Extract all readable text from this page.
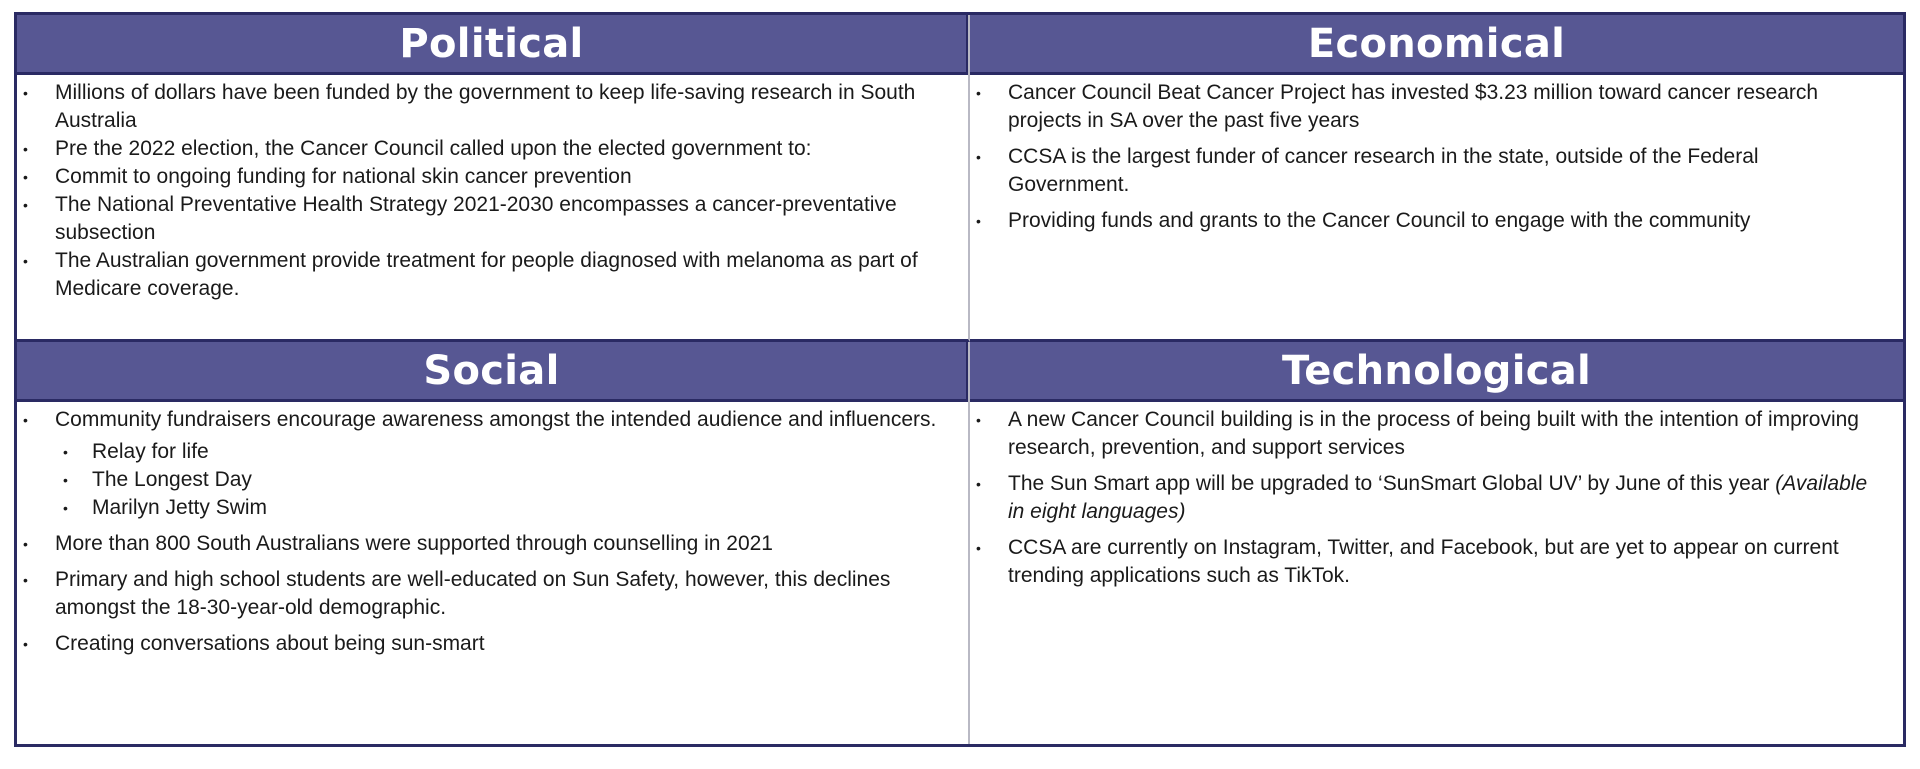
Political
• Millions of dollars have been funded by the government to keep life-saving research in South Australia
• Pre the 2022 election, the Cancer Council called upon the elected government to:
• Commit to ongoing funding for national skin cancer prevention
• The National Preventative Health Strategy 2021-2030 encompasses a cancer-preventative subsection
• The Australian government provide treatment for people diagnosed with melanoma as part of Medicare coverage.
Economical
• Cancer Council Beat Cancer Project has invested $3.23 million toward cancer research projects in SA over the past five years
• CCSA is the largest funder of cancer research in the state, outside of the Federal Government.
• Providing funds and grants to the Cancer Council to engage with the community
Social
• Community fundraisers encourage awareness amongst the intended audience and influencers.
• Relay for life
• The Longest Day
• Marilyn Jetty Swim
• More than 800 South Australians were supported through counselling in 2021
• Primary and high school students are well-educated on Sun Safety, however, this declines amongst the 18-30-year-old demographic.
• Creating conversations about being sun-smart
Technological
• A new Cancer Council building is in the process of being built with the intention of improving research, prevention, and support services
• The Sun Smart app will be upgraded to ‘SunSmart Global UV’ by June of this year (Available in eight languages)
• CCSA are currently on Instagram, Twitter, and Facebook, but are yet to appear on current trending applications such as TikTok.
